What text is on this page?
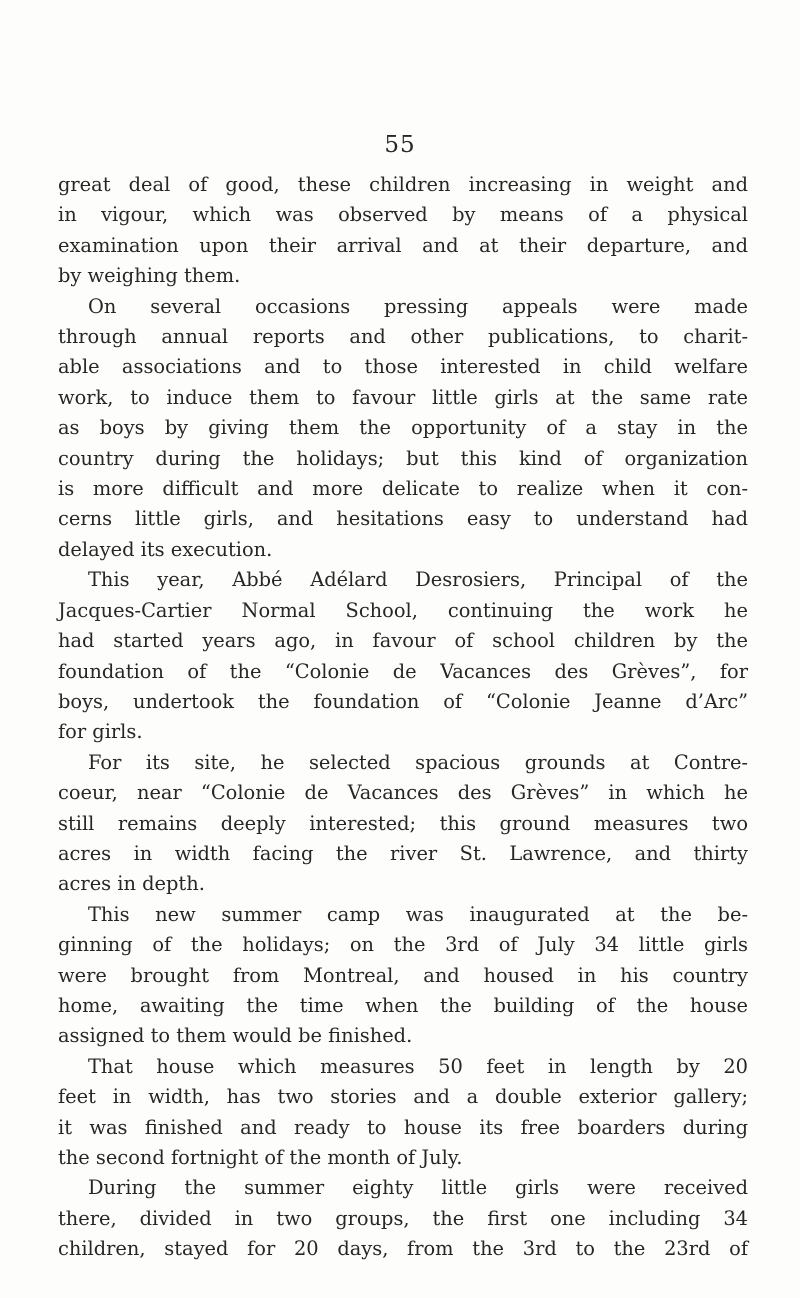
55

great deal of good, these children increasing in weight and
in vigour, which was observed by means of a physical
examination upon their arrival and at their departure, and
by weighing them.

On several occasions pressing appeals were made
through annual reports and other publications, to charit-
able associations and to those interested in child welfare
work, to induce them to favour little girls at the same rate
as boys by giving them the opportunity of a stay in the
country during the holidays; but this kind of organization
is more difficult and more delicate to realize when it con-
cerns little girls, and hesitations easy to understand had
delayed its execution.

This year, Abbé Adélard Desrosiers, Principal of the
Jacques-Cartier Normal School, continuing the work he
had started years ago, in favour of school children by the
foundation of the “Colonie de Vacances des Grèves”, for
boys, undertook the foundation of “Colonie Jeanne d’Arc”
for girls.

For its site, he selected spacious grounds at Contre-
coeur, near “Colonie de Vacances des Grèves” in which he
still remains deeply interested; this ground measures two
acres in width facing the river St. Lawrence, and thirty
acres in depth.

This new summer camp was inaugurated at the be-
ginning of the holidays; on the 3rd of July 34 little girls
were brought from Montreal, and housed in his country
home, awaiting the time when the building of the house
assigned to them would be finished.

That house which measures 50 feet in length by 20
feet in width, has two stories and a double exterior gallery;
it was finished and ready to house its free boarders during
the second fortnight of the month of July.

During the summer eighty little girls were received
there, divided in two groups, the first one including 34
children, stayed for 20 days, from the 3rd to the 23rd of
